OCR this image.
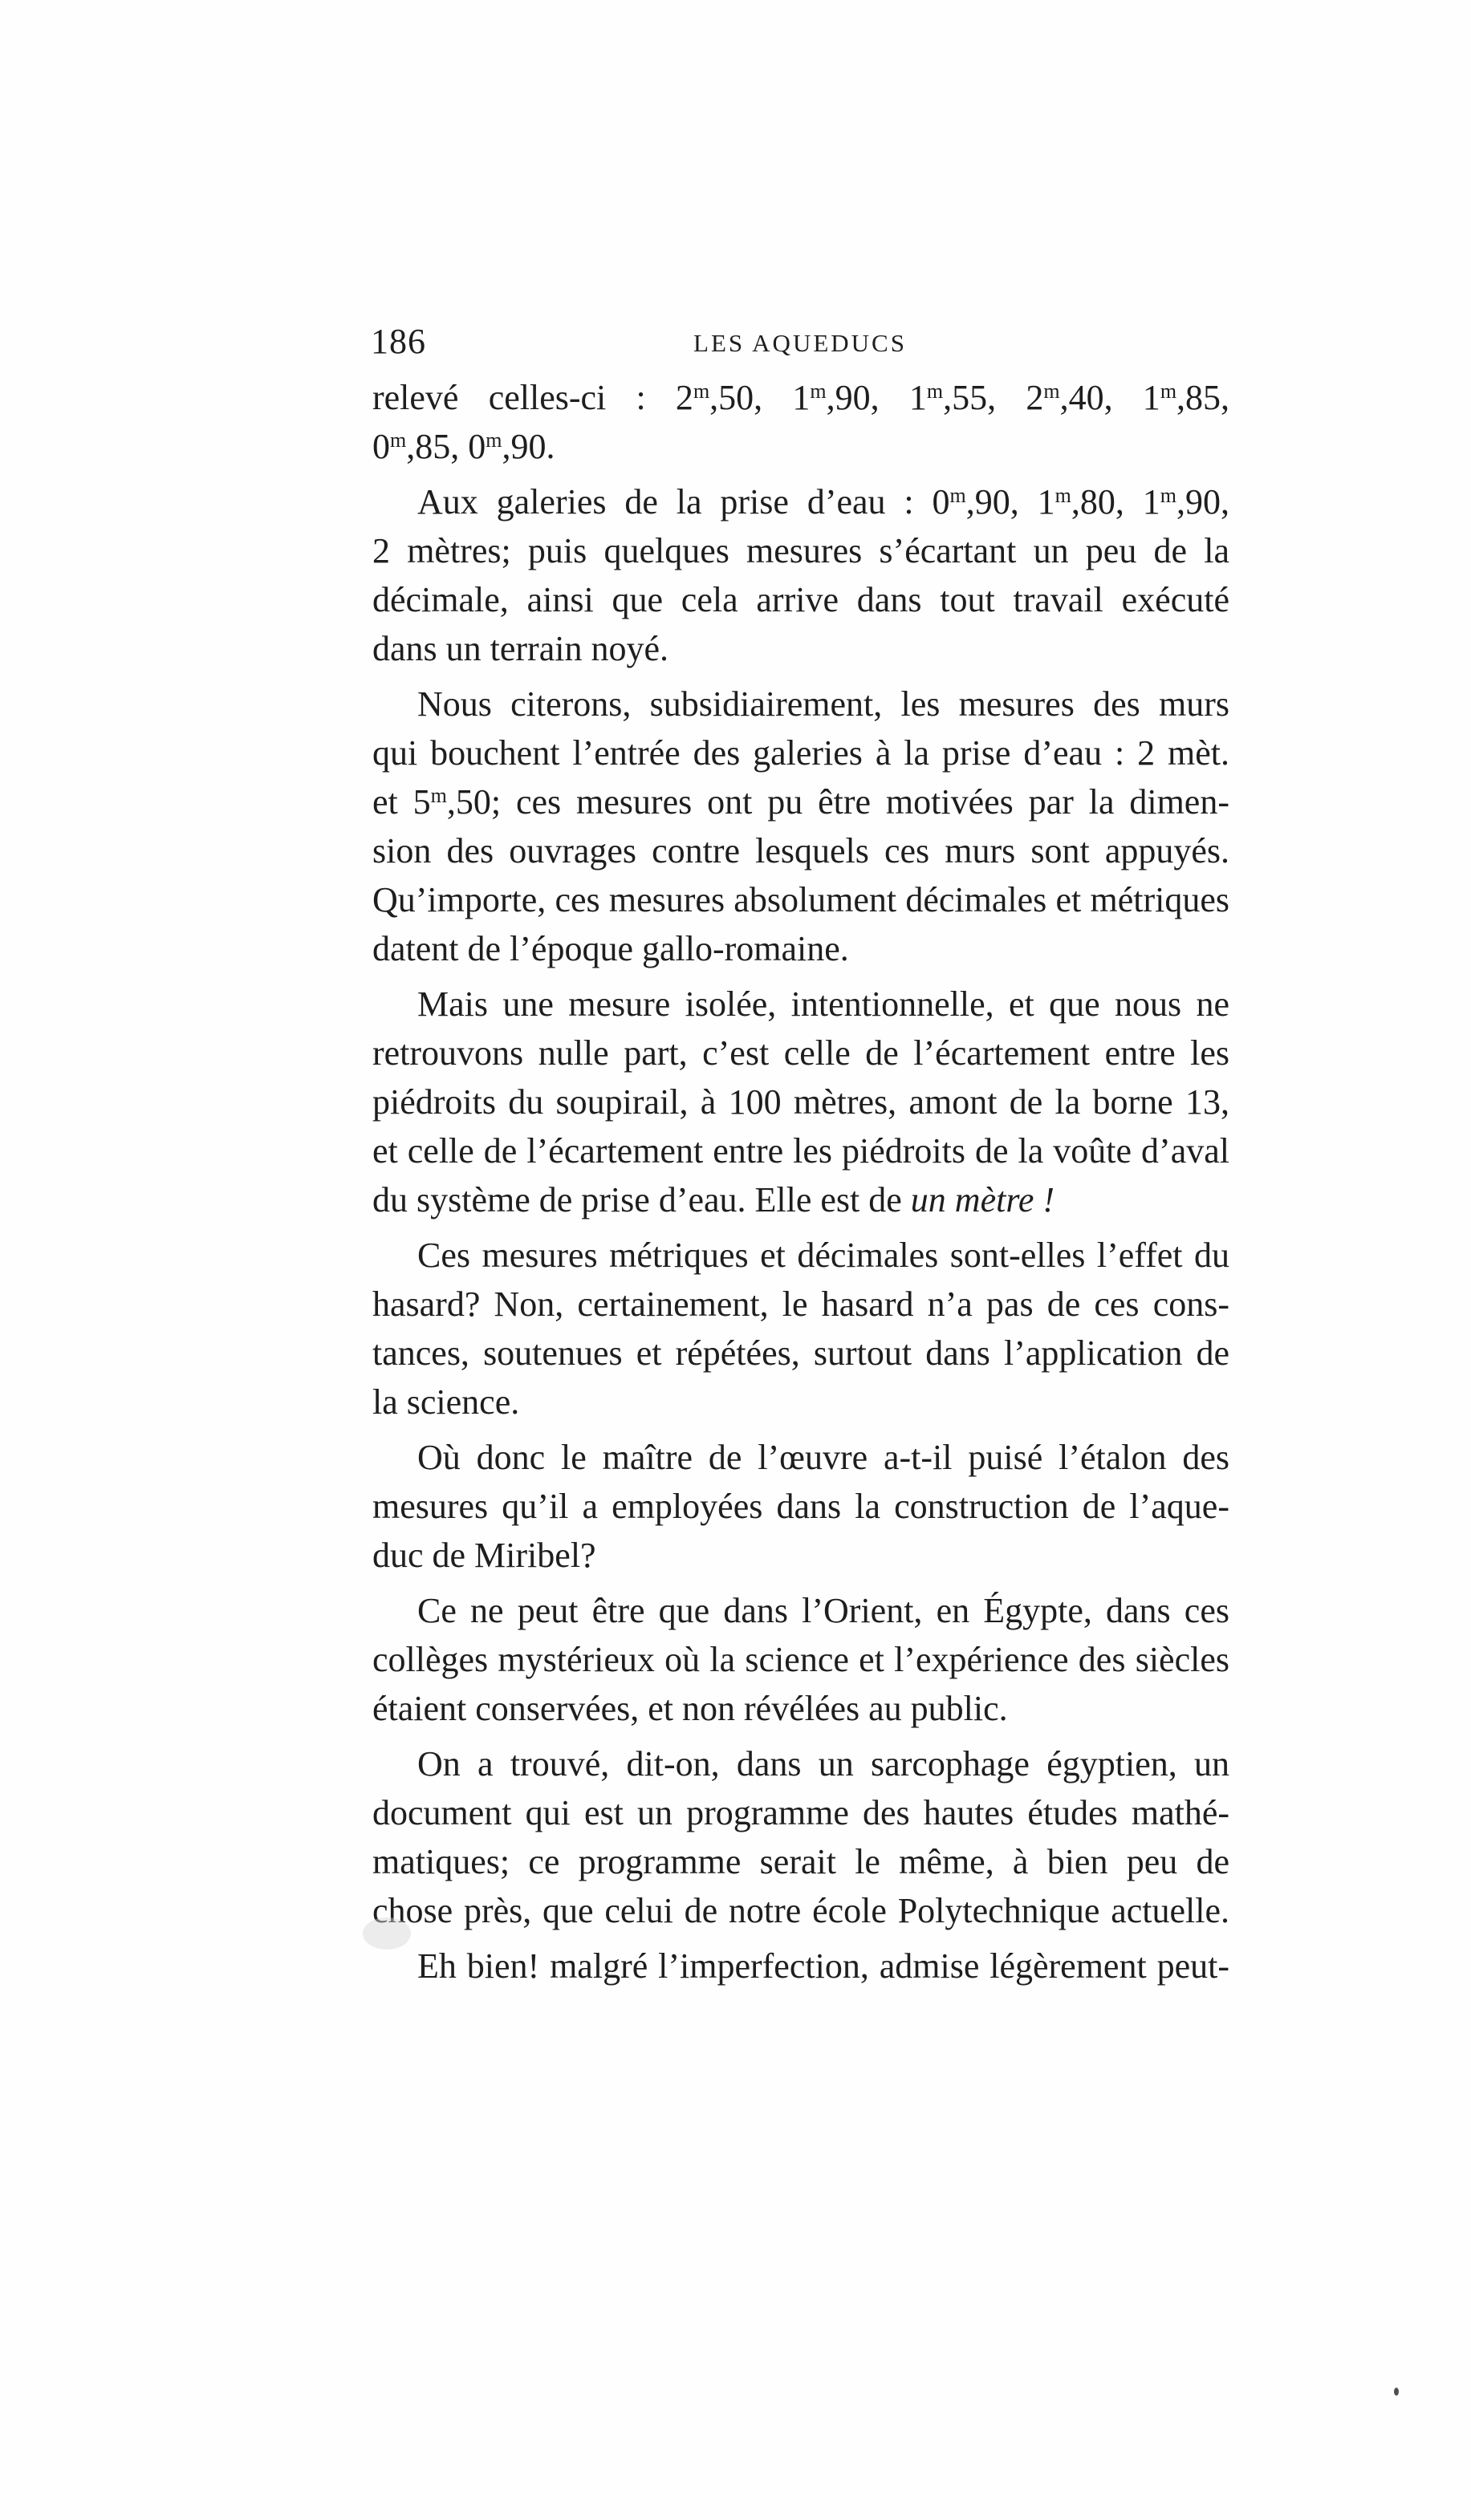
186	LES AQUEDUCS
relevé celles-ci : 2$^m$,50, 1$^m$,90, 1$^m$,55, 2$^m$,40, 1$^m$,85,
0$^m$,85, 0$^m$,90.
Aux galeries de la prise d’eau : 0$^m$,90, 1$^m$,80, 1$^m$,90,
2 mètres; puis quelques mesures s’écartant un peu de la
décimale, ainsi que cela arrive dans tout travail exécuté
dans un terrain noyé.
Nous citerons, subsidiairement, les mesures des murs
qui bouchent l’entrée des galeries à la prise d’eau : 2 mèt.
et 5$^m$,50; ces mesures ont pu être motivées par la dimen-
sion des ouvrages contre lesquels ces murs sont appuyés.
Qu’importe, ces mesures absolument décimales et métriques
datent de l’époque gallo-romaine.
Mais une mesure isolée, intentionnelle, et que nous ne
retrouvons nulle part, c’est celle de l’écartement entre les
piédroits du soupirail, à 100 mètres, amont de la borne 13,
et celle de l’écartement entre les piédroits de la voûte d’aval
du système de prise d’eau. Elle est de un mètre !
Ces mesures métriques et décimales sont-elles l’effet du
hasard? Non, certainement, le hasard n’a pas de ces cons-
tances, soutenues et répétées, surtout dans l’application de
la science.
Où donc le maître de l’œuvre a-t-il puisé l’étalon des
mesures qu’il a employées dans la construction de l’aque-
duc de Miribel?
Ce ne peut être que dans l’Orient, en Égypte, dans ces
collèges mystérieux où la science et l’expérience des siècles
étaient conservées, et non révélées au public.
On a trouvé, dit-on, dans un sarcophage égyptien, un
document qui est un programme des hautes études mathé-
matiques; ce programme serait le même, à bien peu de
chose près, que celui de notre école Polytechnique actuelle.
Eh bien! malgré l’imperfection, admise légèrement peut-
